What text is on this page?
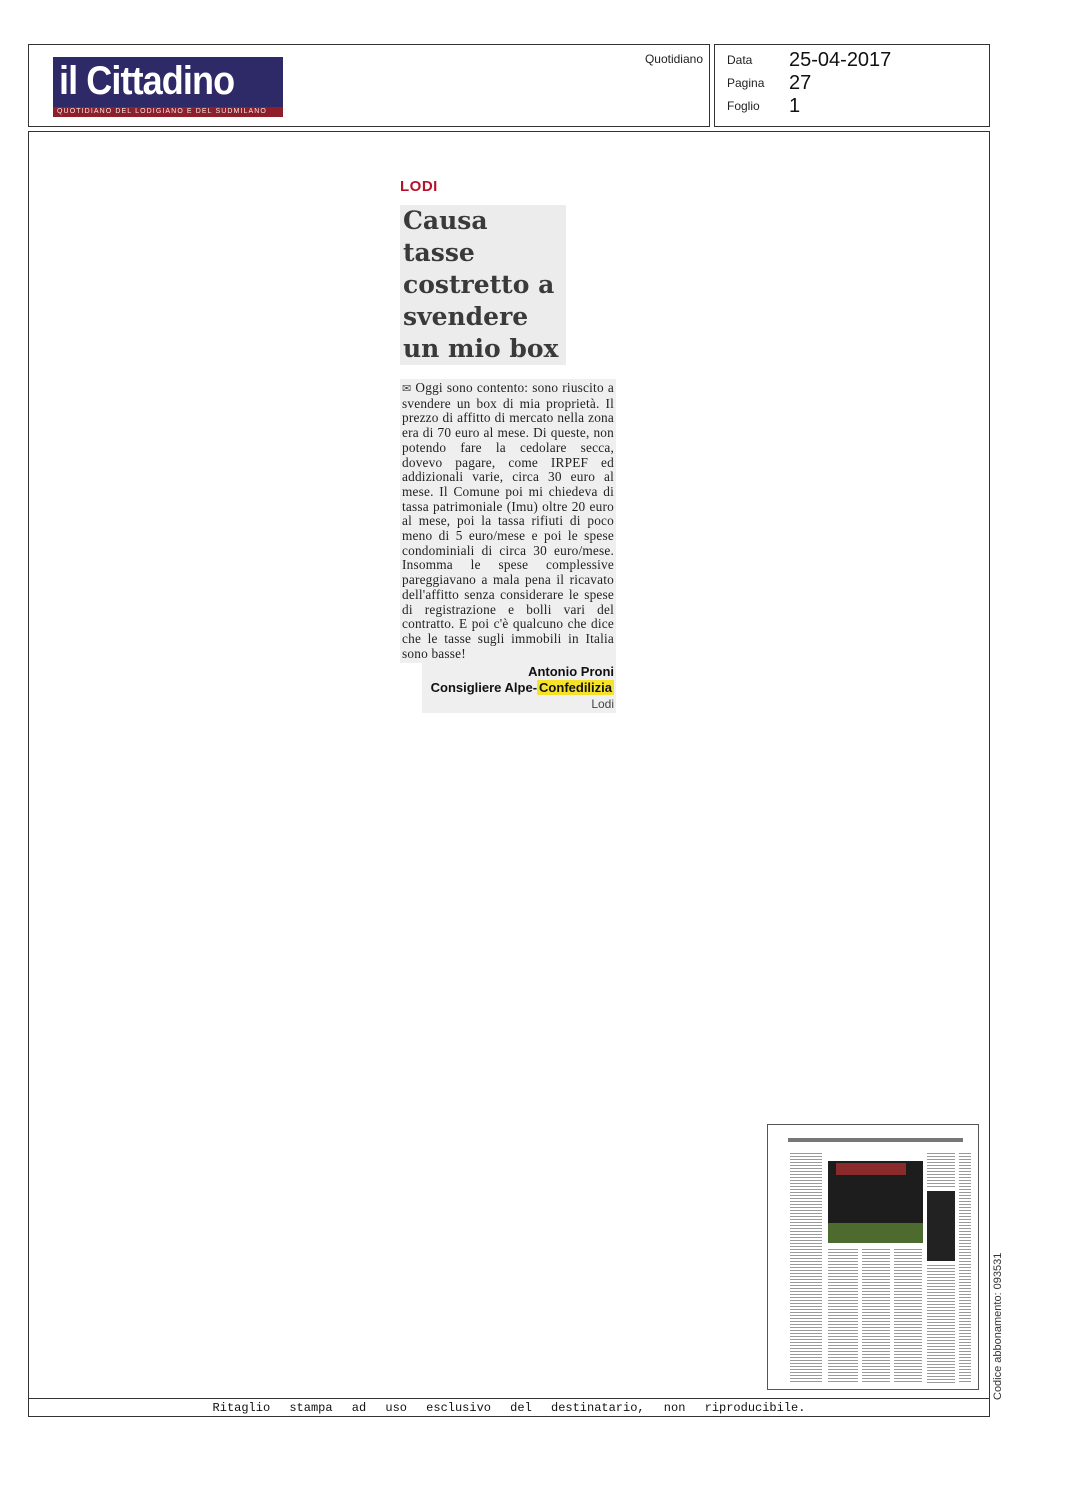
il Cittadino
QUOTIDIANO DEL LODIGIANO E DEL SUDMILANO
Quotidiano Data 25-04-2017
Pagina 27
Foglio 1
LODI
Causa tasse costretto a svendere un mio box
✉ Oggi sono contento: sono riuscito a svendere un box di mia proprietà. Il prezzo di affitto di mercato nella zona era di 70 euro al mese. Di queste, non potendo fare la cedolare secca, dovevo pagare, come IRPEF ed addizionali varie, circa 30 euro al mese. Il Comune poi mi chiedeva di tassa patrimoniale (Imu) oltre 20 euro al mese, poi la tassa rifiuti di poco meno di 5 euro/mese e poi le spese condominiali di circa 30 euro/mese. Insomma le spese complessive pareggiavano a mala pena il ricavato dell'affitto senza considerare le spese di registrazione e bolli vari del contratto. E poi c'è qualcuno che dice che le tasse sugli immobili in Italia sono basse!
Antonio Proni
Consigliere Alpe- Confedilizia
Lodi
Codice abbonamento: 093531
Ritaglio stampa ad uso esclusivo del destinatario, non riproducibile.
